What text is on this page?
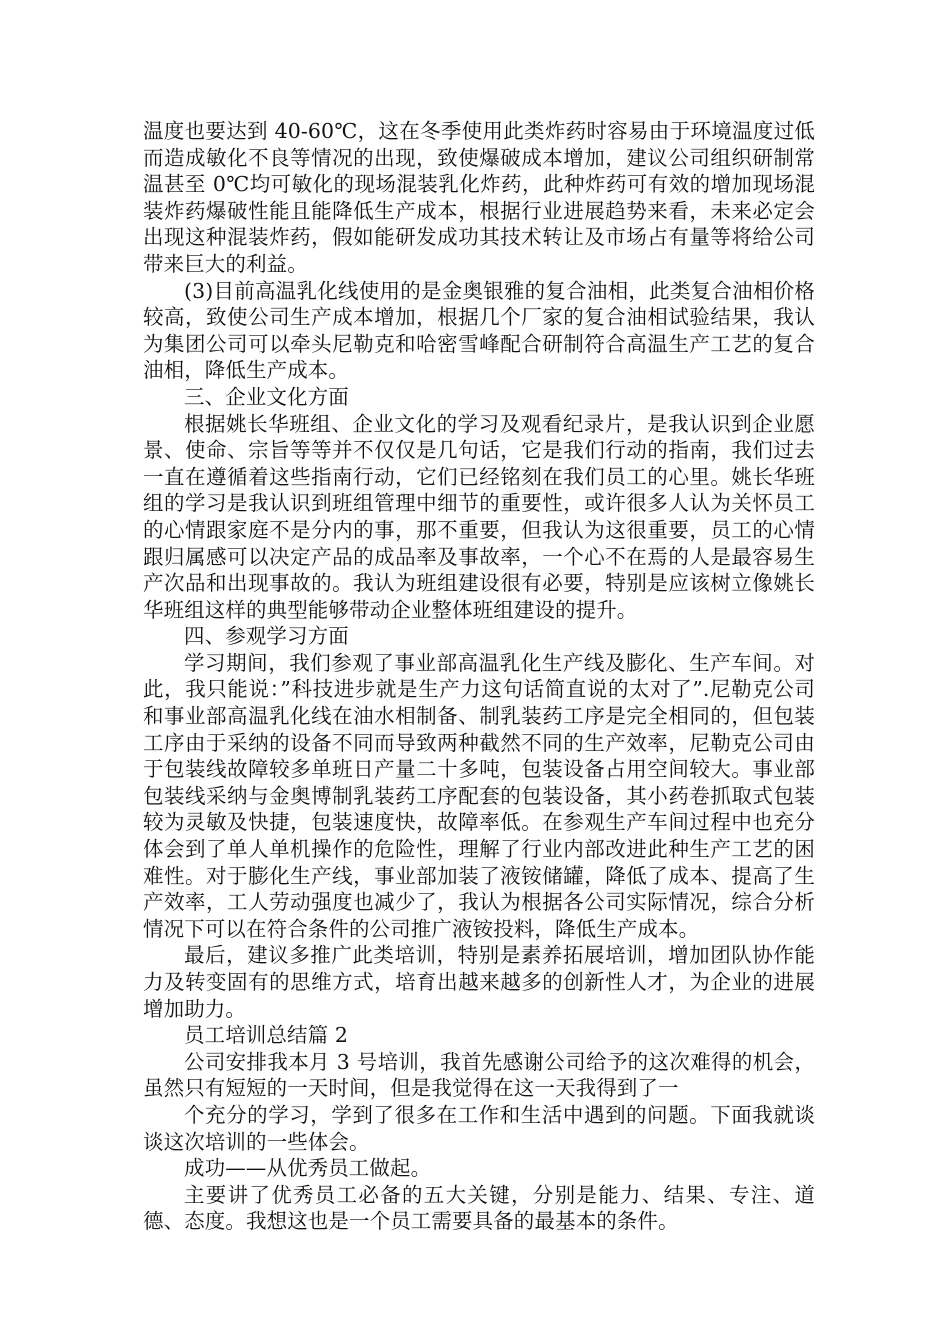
温度也要达到 40-60℃，这在冬季使用此类炸药时容易由于环境温度过低而造成敏化不良等情况的出现，致使爆破成本增加，建议公司组织研制常温甚至 0℃均可敏化的现场混装乳化炸药，此种炸药可有效的增加现场混装炸药爆破性能且能降低生产成本，根据行业进展趋势来看，未来必定会出现这种混装炸药，假如能研发成功其技术转让及市场占有量等将给公司带来巨大的利益。

(3)目前高温乳化线使用的是金奥银雅的复合油相，此类复合油相价格较高，致使公司生产成本增加，根据几个厂家的复合油相试验结果，我认为集团公司可以牵头尼勒克和哈密雪峰配合研制符合高温生产工艺的复合油相，降低生产成本。

三、企业文化方面

根据姚长华班组、企业文化的学习及观看纪录片，是我认识到企业愿景、使命、宗旨等等并不仅仅是几句话，它是我们行动的指南，我们过去一直在遵循着这些指南行动，它们已经铭刻在我们员工的心里。姚长华班组的学习是我认识到班组管理中细节的重要性，或许很多人认为关怀员工的心情跟家庭不是分内的事，那不重要，但我认为这很重要，员工的心情跟归属感可以决定产品的成品率及事故率，一个心不在焉的人是最容易生产次品和出现事故的。我认为班组建设很有必要，特别是应该树立像姚长华班组这样的典型能够带动企业整体班组建设的提升。

四、参观学习方面

学习期间，我们参观了事业部高温乳化生产线及膨化、生产车间。对此，我只能说：”科技进步就是生产力这句话简直说的太对了”.尼勒克公司和事业部高温乳化线在油水相制备、制乳装药工序是完全相同的，但包装工序由于采纳的设备不同而导致两种截然不同的生产效率，尼勒克公司由于包装线故障较多单班日产量二十多吨，包装设备占用空间较大。事业部包装线采纳与金奥博制乳装药工序配套的包装设备，其小药卷抓取式包装较为灵敏及快捷，包装速度快，故障率低。在参观生产车间过程中也充分体会到了单人单机操作的危险性，理解了行业内部改进此种生产工艺的困难性。对于膨化生产线，事业部加装了液铵储罐，降低了成本、提高了生产效率，工人劳动强度也减少了，我认为根据各公司实际情况，综合分析情况下可以在符合条件的公司推广液铵投料，降低生产成本。

最后，建议多推广此类培训，特别是素养拓展培训，增加团队协作能力及转变固有的思维方式，培育出越来越多的创新性人才，为企业的进展增加助力。

员工培训总结篇 2

公司安排我本月 3 号培训，我首先感谢公司给予的这次难得的机会，虽然只有短短的一天时间，但是我觉得在这一天我得到了一

个充分的学习，学到了很多在工作和生活中遇到的问题。下面我就谈谈这次培训的一些体会。

成功——从优秀员工做起。

主要讲了优秀员工必备的五大关键，分别是能力、结果、专注、道德、态度。我想这也是一个员工需要具备的最基本的条件。
